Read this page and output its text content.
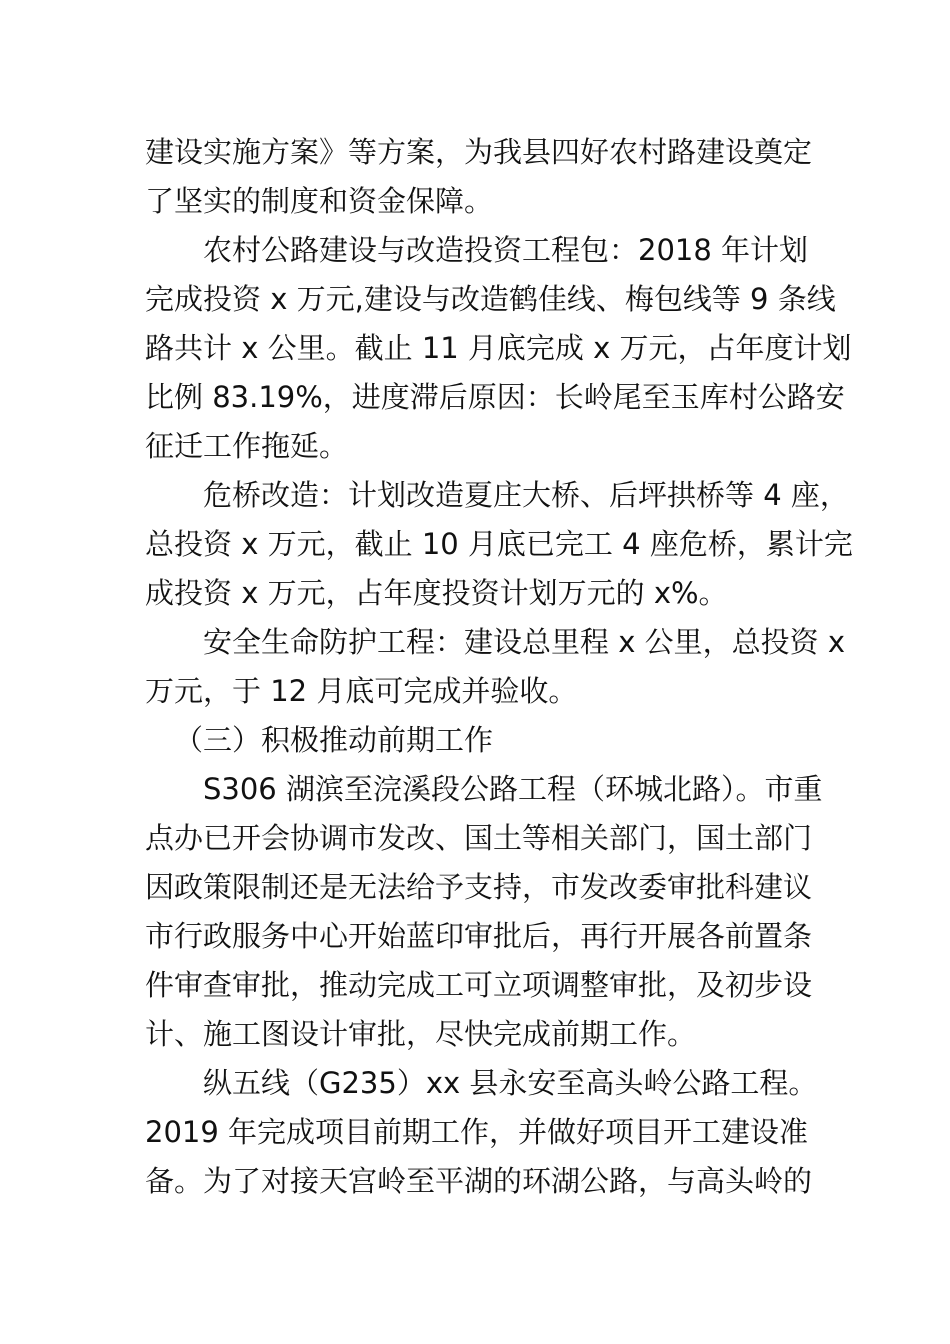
建设实施方案》等方案，为我县四好农村路建设奠定
了坚实的制度和资金保障。
农村公路建设与改造投资工程包：2018 年计划
完成投资 x 万元,建设与改造鹤佳线、梅包线等 9 条线
路共计 x 公里。截止 11 月底完成 x 万元，占年度计划
比例 83.19%，进度滞后原因：长岭尾至玉库村公路安
征迁工作拖延。
危桥改造：计划改造夏庄大桥、后坪拱桥等 4 座，
总投资 x 万元，截止 10 月底已完工 4 座危桥，累计完
成投资 x 万元，占年度投资计划万元的 x%。
安全生命防护工程：建设总里程 x 公里，总投资 x
万元，于 12 月底可完成并验收。
（三）积极推动前期工作
S306 湖滨至浣溪段公路工程（环城北路）。市重
点办已开会协调市发改、国土等相关部门，国土部门
因政策限制还是无法给予支持，市发改委审批科建议
市行政服务中心开始蓝印审批后，再行开展各前置条
件审查审批，推动完成工可立项调整审批，及初步设
计、施工图设计审批，尽快完成前期工作。
纵五线（G235）xx 县永安至高头岭公路工程。
2019 年完成项目前期工作，并做好项目开工建设准
备。为了对接天宫岭至平湖的环湖公路，与高头岭的
